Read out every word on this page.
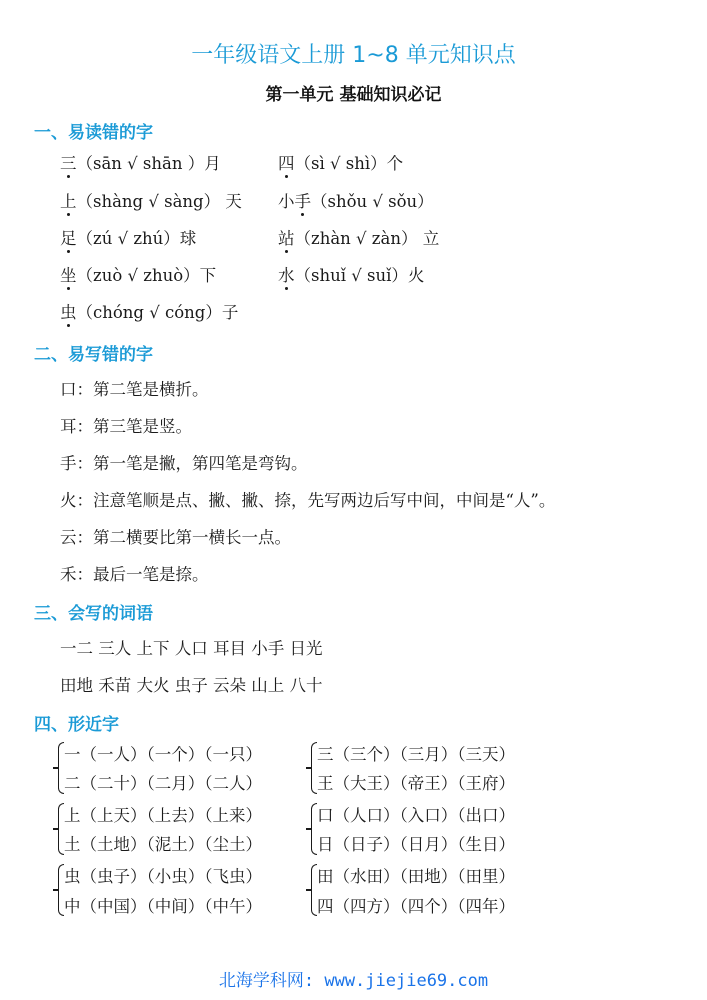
一年级语文上册 1~8 单元知识点
第一单元 基础知识必记
一、易读错的字
三（sān √ shān ）月	四（sì √ shì）个
上（shàng √ sàng） 天 小手（shǒu √ sǒu）
足（zú √ zhú）球	站（zhàn √ zàn） 立
坐（zuò √ zhuò）下	水（shuǐ √ suǐ）火
虫（chóng √ cóng）子
二、易写错的字
口：第二笔是横折。
耳：第三笔是竖。
手：第一笔是撇，第四笔是弯钩。
火：注意笔顺是点、撇、撇、捺，先写两边后写中间，中间是“人”。
云：第二横要比第一横长一点。
禾：最后一笔是捺。
三、会写的词语
一二 三人 上下 人口 耳目 小手 日光
田地 禾苗 大火 虫子 云朵 山上 八十
四、形近字
一（一人）（一个）（一只）
二（二十）（二月）（二人）
三（三个）（三月）（三天）
王（大王）（帝王）（王府）
上（上天）（上去）（上来）
土（土地）（泥土）（尘土）
口（人口）（入口）（出口）
日（日子）（日月）（生日）
虫（虫子）（小虫）（飞虫）
中（中国）（中间）（中午）
田（水田）（田地）（田里）
四（四方）（四个）（四年）
北海学科网: www.jiejie69.com
